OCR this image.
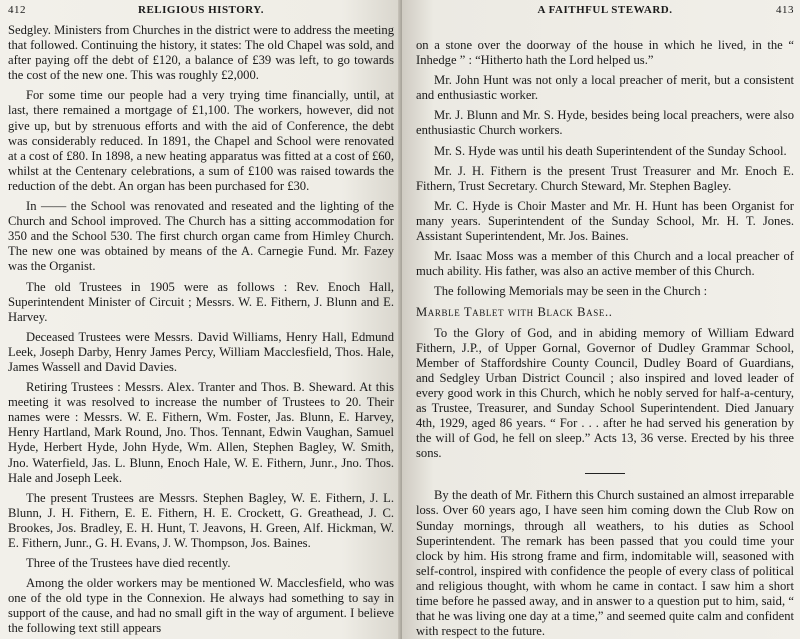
412	RELIGIOUS HISTORY.

Sedgley. Ministers from Churches in the district were to address the meeting that followed. Continuing the history, it states: The old Chapel was sold, and after paying off the debt of £120, a balance of £39 was left, to go towards the cost of the new one. This was roughly £2,000.

For some time our people had a very trying time financially, until, at last, there remained a mortgage of £1,100. The workers, however, did not give up, but by strenuous efforts and with the aid of Conference, the debt was considerably reduced. In 1891, the Chapel and School were renovated at a cost of £80. In 1898, a new heating apparatus was fitted at a cost of £60, whilst at the Centenary celebrations, a sum of £100 was raised towards the reduction of the debt. An organ has been purchased for £30.

In —— the School was renovated and reseated and the lighting of the Church and School improved. The Church has a sitting accommodation for 350 and the School 530. The first church organ came from Himley Church. The new one was obtained by means of the A. Carnegie Fund. Mr. Fazey was the Organist.

The old Trustees in 1905 were as follows : Rev. Enoch Hall, Superintendent Minister of Circuit ; Messrs. W. E. Fithern, J. Blunn and E. Harvey.

Deceased Trustees were Messrs. David Williams, Henry Hall, Edmund Leek, Joseph Darby, Henry James Percy, William Macclesfield, Thos. Hale, James Wassell and David Davies.

Retiring Trustees : Messrs. Alex. Tranter and Thos. B. Sheward. At this meeting it was resolved to increase the number of Trustees to 20. Their names were : Messrs. W. E. Fithern, Wm. Foster, Jas. Blunn, E. Harvey, Henry Hartland, Mark Round, Jno. Thos. Tennant, Edwin Vaughan, Samuel Hyde, Herbert Hyde, John Hyde, Wm. Allen, Stephen Bagley, W. Smith, Jno. Waterfield, Jas. L. Blunn, Enoch Hale, W. E. Fithern, Junr., Jno. Thos. Hale and Joseph Leek.

The present Trustees are Messrs. Stephen Bagley, W. E. Fithern, J. L. Blunn, J. H. Fithern, E. E. Fithern, H. E. Crockett, G. Greathead, J. C. Brookes, Jos. Bradley, E. H. Hunt, T. Jeavons, H. Green, Alf. Hickman, W. E. Fithern, Junr., G. H. Evans, J. W. Thompson, Jos. Baines.

Three of the Trustees have died recently.

Among the older workers may be mentioned W. Macclesfield, who was one of the old type in the Connexion. He always had something to say in support of the cause, and had no small gift in the way of argument. I believe the following text still appears

413
A FAITHFUL STEWARD.

on a stone over the doorway of the house in which he lived, in the “ Inhedge ” : “Hitherto hath the Lord helped us.”

Mr. John Hunt was not only a local preacher of merit, but a consistent and enthusiastic worker.

Mr. J. Blunn and Mr. S. Hyde, besides being local preachers, were also enthusiastic Church workers.

Mr. S. Hyde was until his death Superintendent of the Sunday School.

Mr. J. H. Fithern is the present Trust Treasurer and Mr. Enoch E. Fithern, Trust Secretary. Church Steward, Mr. Stephen Bagley.

Mr. C. Hyde is Choir Master and Mr. H. Hunt has been Organist for many years. Superintendent of the Sunday School, Mr. H. T. Jones. Assistant Superintendent, Mr. Jos. Baines.

Mr. Isaac Moss was a member of this Church and a local preacher of much ability. His father, was also an active member of this Church.

The following Memorials may be seen in the Church :

Marble Tablet with Black Base..

To the Glory of God, and in abiding memory of William Edward Fithern, J.P., of Upper Gornal, Governor of Dudley Grammar School, Member of Staffordshire County Council, Dudley Board of Guardians, and Sedgley Urban District Council ; also inspired and loved leader of every good work in this Church, which he nobly served for half-a-century, as Trustee, Treasurer, and Sunday School Superintendent. Died January 4th, 1929, aged 86 years. “ For . . . after he had served his generation by the will of God, he fell on sleep.” Acts 13, 36 verse. Erected by his three sons.

By the death of Mr. Fithern this Church sustained an almost irreparable loss. Over 60 years ago, I have seen him coming down the Club Row on Sunday mornings, through all weathers, to his duties as School Superintendent. The remark has been passed that you could time your clock by him. His strong frame and firm, indomitable will, seasoned with self-control, inspired with confidence the people of every class of political and religious thought, with whom he came in contact. I saw him a short time before he passed away, and in answer to a question put to him, said, “ that he was living one day at a time,” and seemed quite calm and confident with respect to the future.
